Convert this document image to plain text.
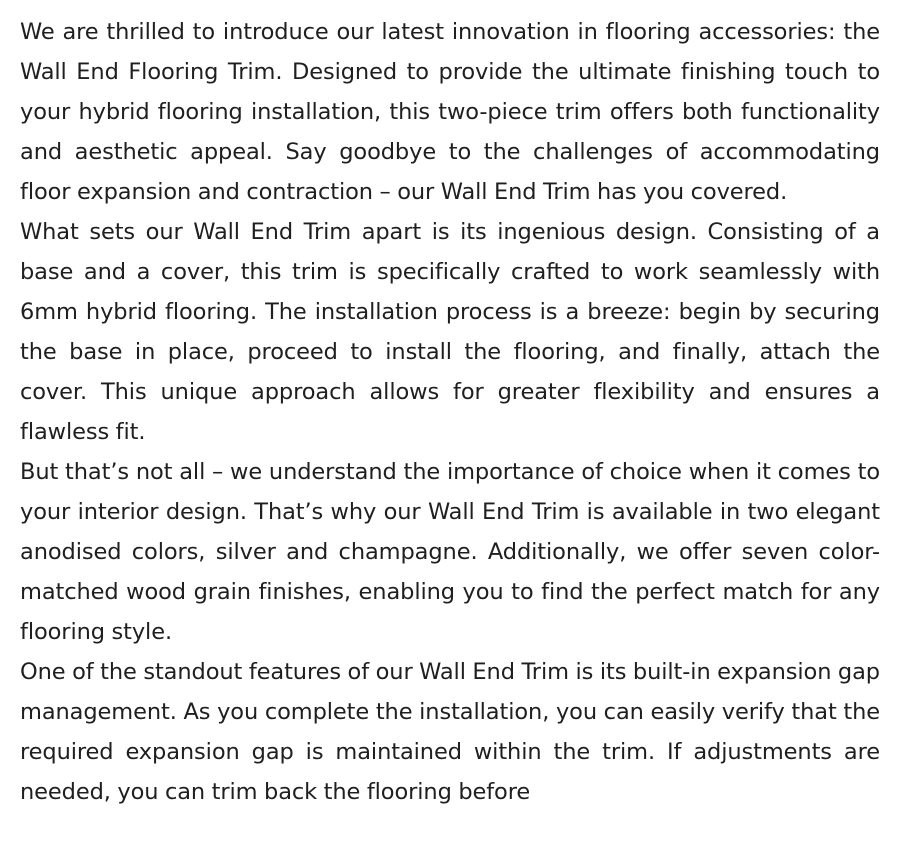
We are thrilled to introduce our latest innovation in flooring accessories: the Wall End Flooring Trim. Designed to provide the ultimate finishing touch to your hybrid flooring installation, this two-piece trim offers both functionality and aesthetic appeal. Say goodbye to the challenges of accommodating floor expansion and contraction – our Wall End Trim has you covered.

What sets our Wall End Trim apart is its ingenious design. Consisting of a base and a cover, this trim is specifically crafted to work seamlessly with 6mm hybrid flooring. The installation process is a breeze: begin by securing the base in place, proceed to install the flooring, and finally, attach the cover. This unique approach allows for greater flexibility and ensures a flawless fit.

But that’s not all – we understand the importance of choice when it comes to your interior design. That’s why our Wall End Trim is available in two elegant anodised colors, silver and champagne. Additionally, we offer seven color-matched wood grain finishes, enabling you to find the perfect match for any flooring style.

One of the standout features of our Wall End Trim is its built-in expansion gap management. As you complete the installation, you can easily verify that the required expansion gap is maintained within the trim. If adjustments are needed, you can trim back the flooring before
